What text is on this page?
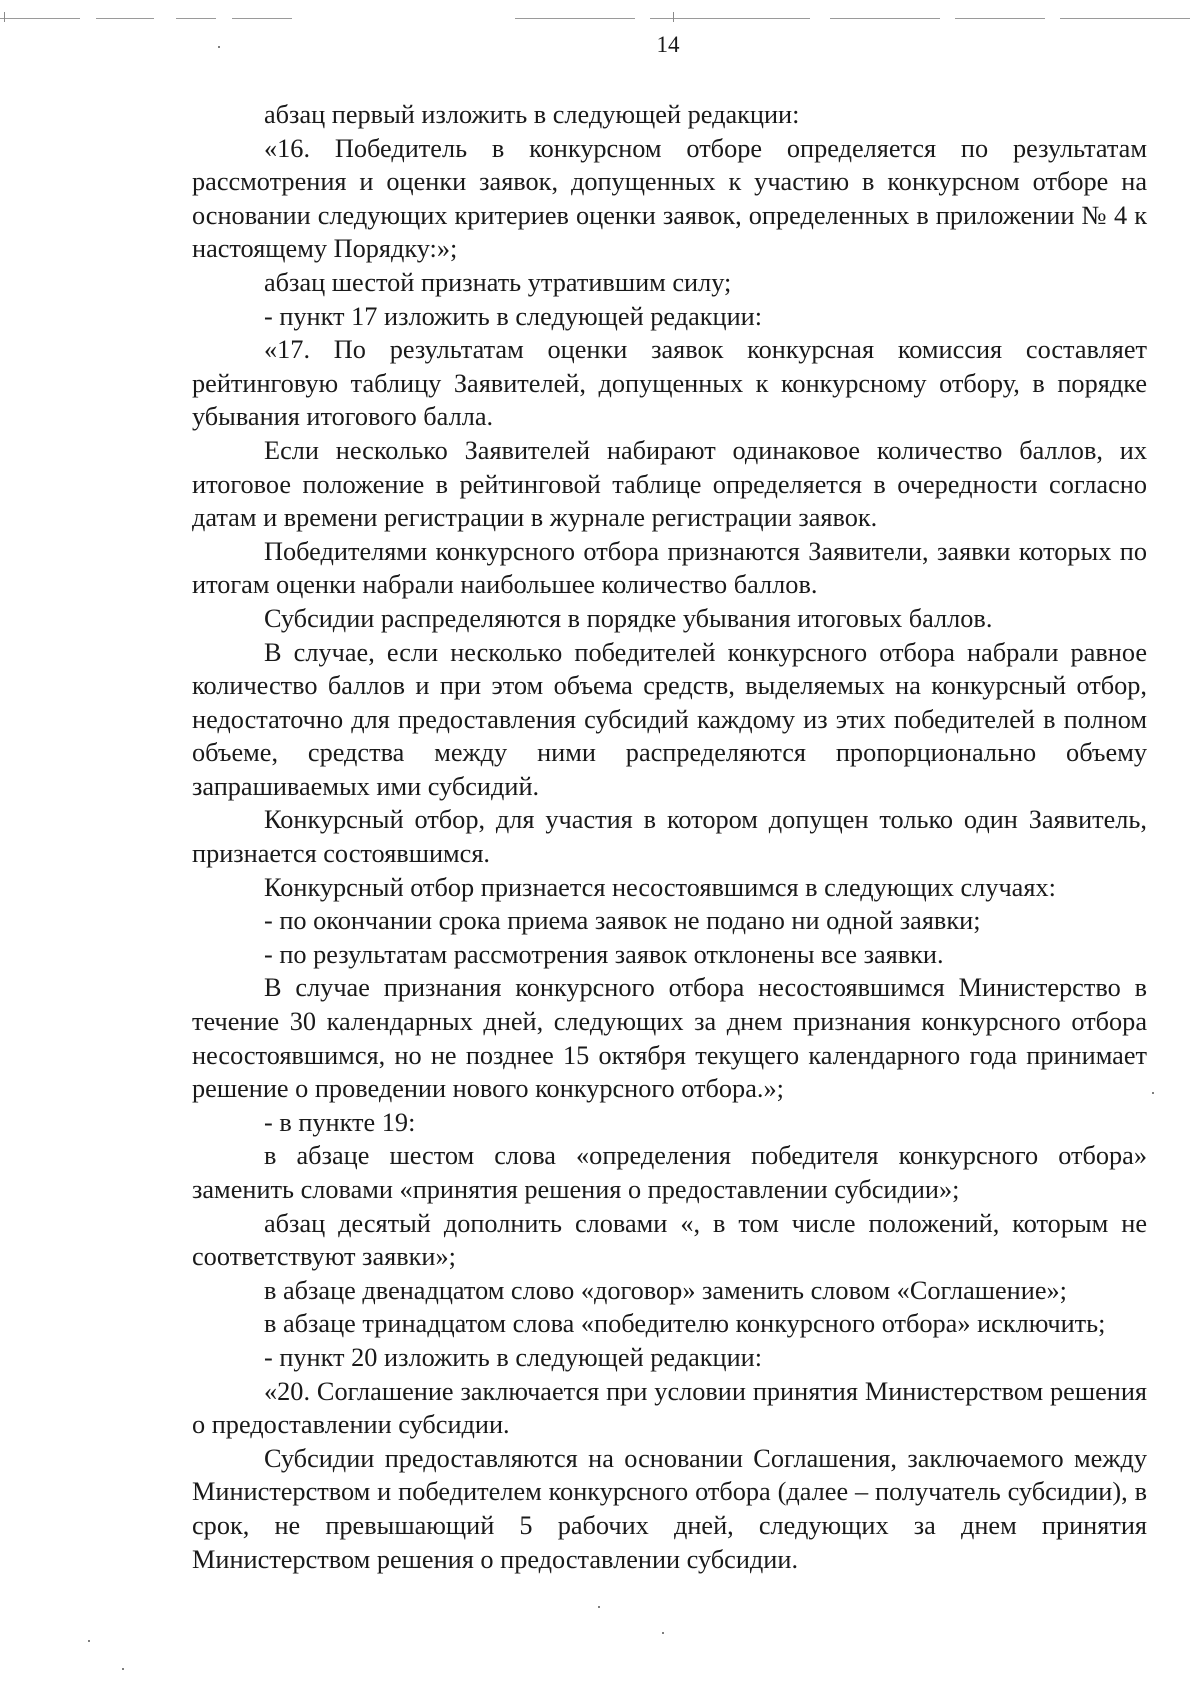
14

абзац первый изложить в следующей редакции:

«16. Победитель в конкурсном отборе определяется по результатам рассмотрения и оценки заявок, допущенных к участию в конкурсном отборе на основании следующих критериев оценки заявок, определенных в приложении № 4 к настоящему Порядку:»;

абзац шестой признать утратившим силу;

- пункт 17 изложить в следующей редакции:

«17. По результатам оценки заявок конкурсная комиссия составляет рейтинговую таблицу Заявителей, допущенных к конкурсному отбору, в порядке убывания итогового балла.

Если несколько Заявителей набирают одинаковое количество баллов, их итоговое положение в рейтинговой таблице определяется в очередности согласно датам и времени регистрации в журнале регистрации заявок.

Победителями конкурсного отбора признаются Заявители, заявки которых по итогам оценки набрали наибольшее количество баллов.

Субсидии распределяются в порядке убывания итоговых баллов.

В случае, если несколько победителей конкурсного отбора набрали равное количество баллов и при этом объема средств, выделяемых на конкурсный отбор, недостаточно для предоставления субсидий каждому из этих победителей в полном объеме, средства между ними распределяются пропорционально объему запрашиваемых ими субсидий.

Конкурсный отбор, для участия в котором допущен только один Заявитель, признается состоявшимся.

Конкурсный отбор признается несостоявшимся в следующих случаях:

- по окончании срока приема заявок не подано ни одной заявки;

- по результатам рассмотрения заявок отклонены все заявки.

В случае признания конкурсного отбора несостоявшимся Министерство в течение 30 календарных дней, следующих за днем признания конкурсного отбора несостоявшимся, но не позднее 15 октября текущего календарного года принимает решение о проведении нового конкурсного отбора.»;

- в пункте 19:

в абзаце шестом слова «определения победителя конкурсного отбора» заменить словами «принятия решения о предоставлении субсидии»;

абзац десятый дополнить словами «, в том числе положений, которым не соответствуют заявки»;

в абзаце двенадцатом слово «договор» заменить словом «Соглашение»;

в абзаце тринадцатом слова «победителю конкурсного отбора» исключить;

- пункт 20 изложить в следующей редакции:

«20. Соглашение заключается при условии принятия Министерством решения о предоставлении субсидии.

Субсидии предоставляются на основании Соглашения, заключаемого между Министерством и победителем конкурсного отбора (далее – получатель субсидии), в срок, не превышающий 5 рабочих дней, следующих за днем принятия Министерством решения о предоставлении субсидии.
